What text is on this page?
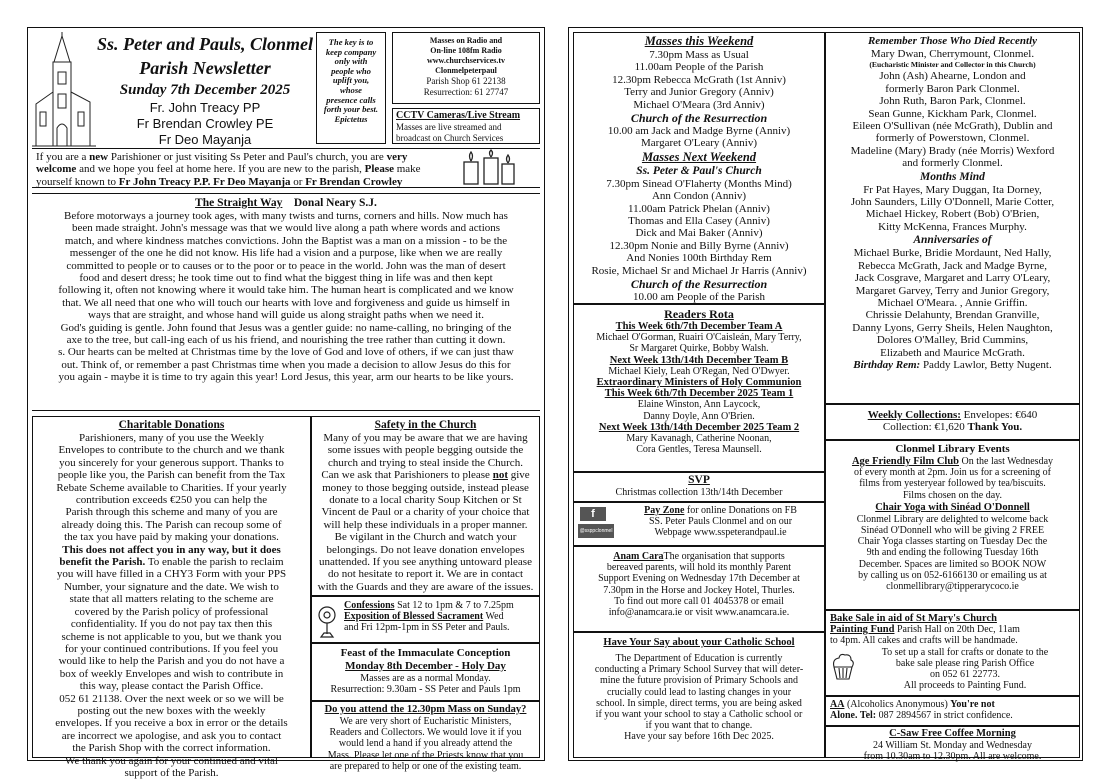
Ss. Peter and Pauls, Clonmel
Parish Newsletter
Sunday 7th December 2025
Fr. John Treacy PP
Fr Brendan Crowley PE
Fr Deo Mayanja
The key is to
keep company
only with
people who
uplift you,
whose
presence calls
forth your best.
Epictetus
Masses on Radio and
On-line 108fm Radio
www.churchservices.tv
Clonmelpeterpaul
Parish Shop 61 22138
Resurrection: 61 27747
CCTV Cameras/Live Stream
Masses are live streamed and
broadcast on Church Services
If you are a new Parishioner or just visiting Ss Peter and Paul's church, you are very
welcome and we hope you feel at home here. If you are new to the parish, Please make
yourself known to Fr John Treacy P.P. Fr Deo Mayanja or Fr Brendan Crowley
The Straight Way Donal Neary S.J.
Before motorways a journey took ages, with many twists and turns, corners and hills. Now much has
been made straight. John's message was that we would live along a path where words and actions
match, and where kindness matches convictions. John the Baptist was a man on a mission - to be the
messenger of the one he did not know. His life had a vision and a purpose, like when we are really
committed to people or to causes or to the poor or to peace in the world. John was the man of desert
food and desert dress; he took time out to find what the biggest thing in life was and then kept
following it, often not knowing where it would take him. The human heart is complicated and we know
that. We all need that one who will touch our hearts with love and forgiveness and guide us himself in
ways that are straight, and whose hand will guide us along straight paths when we need it.
God's guiding is gentle. John found that Jesus was a gentler guide: no name-calling, no bringing of the
axe to the tree, but call-ing each of us his friend, and nourishing the tree rather than cutting it down.
s. Our hearts can be melted at Christmas time by the love of God and love of others, if we can just thaw
out. Think of, or remember a past Christmas time when you made a decision to allow Jesus do this for
you again - maybe it is time to try again this year! Lord Jesus, this year, arm our hearts to be like yours.
Charitable Donations
Parishioners, many of you use the Weekly
Envelopes to contribute to the church and we thank
you sincerely for your generous support. Thanks to
people like you, the Parish can benefit from the Tax
Rebate Scheme available to Charities. If your yearly
contribution exceeds €250 you can help the
Parish through this scheme and many of you are
already doing this. The Parish can recoup some of
the tax you have paid by making your donations.
This does not affect you in any way, but it does
benefit the Parish. To enable the parish to reclaim
you will have filled in a CHY3 Form with your PPS
Number, your signature and the date. We wish to
state that all matters relating to the scheme are
covered by the Parish policy of professional
confidentiality. If you do not pay tax then this
scheme is not applicable to you, but we thank you
for your continued contributions. If you feel you
would like to help the Parish and you do not have a
box of weekly Envelopes and wish to contribute in
this way, please contact the Parish Office.
052 61 21138. Over the next week or so we will be
posting out the new boxes with the weekly
envelopes. If you receive a box in error or the details
are incorrect we apologise, and ask you to contact
the Parish Shop with the correct information.
We thank you again for your continued and vital
support of the Parish.
Safety in the Church
Many of you may be aware that we are having
some issues with people begging outside the
church and trying to steal inside the Church.
Can we ask that Parishioners to please not give
money to those begging outside, instead please
donate to a local charity Soup Kitchen or St
Vincent de Paul or a charity of your choice that
will help these individuals in a proper manner.
Be vigilant in the Church and watch your
belongings. Do not leave donation envelopes
unattended. If you see anything untoward please
do not hesitate to report it. We are in contact
with the Guards and they are aware of the issues.
Confessions Sat 12 to 1pm & 7 to 7.25pm
Exposition of Blessed Sacrament Wed
and Fri 12pm-1pm in SS Peter and Pauls.
Feast of the Immaculate Conception
Monday 8th December - Holy Day
Masses are as a normal Monday.
Resurrection: 9.30am - SS Peter and Pauls 1pm
Do you attend the 12.30pm Mass on Sunday?
We are very short of Eucharistic Ministers,
Readers and Collectors. We would love it if you
would lend a hand if you already attend the
Mass. Please let one of the Priests know that you
are prepared to help or one of the existing team.
Masses this Weekend
7.30pm Mass as Usual
11.00am People of the Parish
12.30pm Rebecca McGrath (1st Anniv)
Terry and Junior Gregory (Anniv)
Michael O'Meara (3rd Anniv)
Church of the Resurrection
10.00 am Jack and Madge Byrne (Anniv)
Margaret O'Leary (Anniv)
Masses Next Weekend
Ss. Peter & Paul's Church
7.30pm Sinead O'Flaherty (Months Mind)
Ann Condon (Anniv)
11.00am Patrick Phelan (Anniv)
Thomas and Ella Casey (Anniv)
Dick and Mai Baker (Anniv)
12.30pm Nonie and Billy Byrne (Anniv)
And Nonies 100th Birthday Rem
Rosie, Michael Sr and Michael Jr Harris (Anniv)
Church of the Resurrection
10.00 am People of the Parish
Readers Rota
This Week 6th/7th December Team A
Michael O'Gorman, Ruairi O'Caisleán, Mary Terry,
Sr Margaret Quirke, Bobby Walsh.
Next Week 13th/14th December Team B
Michael Kiely, Leah O'Regan, Ned O'Dwyer.
Extraordinary Ministers of Holy Communion
This Week 6th/7th December 2025 Team 1
Elaine Winston, Ann Laycock,
Danny Doyle, Ann O'Brien.
Next Week 13th/14th December 2025 Team 2
Mary Kavanagh, Catherine Noonan,
Cora Gentles, Teresa Maunsell.
SVP
Christmas collection 13th/14th December
f
@ssppclonmel
Pay Zone for online Donations on FB
SS. Peter Pauls Clonmel and on our
Webpage www.sspeterandpaul.ie
Anam CaraThe organisation that supports
bereaved parents, will hold its monthly Parent
Support Evening on Wednesday 17th December at
7.30pm in the Horse and Jockey Hotel, Thurles.
To find out more call 01 4045378 or email
info@anamcara.ie or visit www.anamcara.ie.
Have Your Say about your Catholic School
The Department of Education is currently
conducting a Primary School Survey that will deter-
mine the future provision of Primary Schools and
crucially could lead to lasting changes in your
school. In simple, direct terms, you are being asked
if you want your school to stay a Catholic school or
if you want that to change.
Have your say before 16th Dec 2025.
Remember Those Who Died Recently
Mary Dwan, Cherrymount, Clonmel.
(Eucharistic Minister and Collector in this Church)
John (Ash) Ahearne, London and
formerly Baron Park Clonmel.
John Ruth, Baron Park, Clonmel.
Sean Gunne, Kickham Park, Clonmel.
Eileen O'Sullivan (née McGrath), Dublin and
formerly of Powerstown, Clonmel.
Madeline (Mary) Brady (née Morris) Wexford
and formerly Clonmel.
Months Mind
Fr Pat Hayes, Mary Duggan, Ita Dorney,
John Saunders, Lilly O'Donnell, Marie Cotter,
Michael Hickey, Robert (Bob) O'Brien,
Kitty McKenna, Frances Murphy.
Anniversaries of
Michael Burke, Bridie Mordaunt, Ned Hally,
Rebecca McGrath, Jack and Madge Byrne,
Jack Cosgrave, Margaret and Larry O'Leary,
Margaret Garvey, Terry and Junior Gregory,
Michael O'Meara. , Annie Griffin.
Chrissie Delahunty, Brendan Granville,
Danny Lyons, Gerry Sheils, Helen Naughton,
Dolores O'Malley, Brid Cummins,
Elizabeth and Maurice McGrath.
Birthday Rem: Paddy Lawlor, Betty Nugent.
Weekly Collections: Envelopes: €640
Collection: €1,620 Thank You.
Clonmel Library Events
Age Friendly Film Club On the last Wednesday
of every month at 2pm. Join us for a screening of
films from yesteryear followed by tea/biscuits.
Films chosen on the day.
Chair Yoga with Sinéad O'Donnell
Clonmel Library are delighted to welcome back
Sinéad O'Donnell who will be giving 2 FREE
Chair Yoga classes starting on Tuesday Dec the
9th and ending the following Tuesday 16th
December. Spaces are limited so BOOK NOW
by calling us on 052-6166130 or emailing us at
clonmellibrary@tipperarycoco.ie
Bake Sale in aid of St Mary's Church
Painting Fund Parish Hall on 20th Dec, 11am
to 4pm. All cakes and crafts will be handmade.
To set up a stall for crafts or donate to the
bake sale please ring Parish Office
on 052 61 22773.
All proceeds to Painting Fund.
AA (Alcoholics Anonymous) You're not
Alone. Tel: 087 2894567 in strict confidence.
C-Saw Free Coffee Morning
24 William St. Monday and Wednesday
from 10.30am to 12.30pm. All are welcome.
